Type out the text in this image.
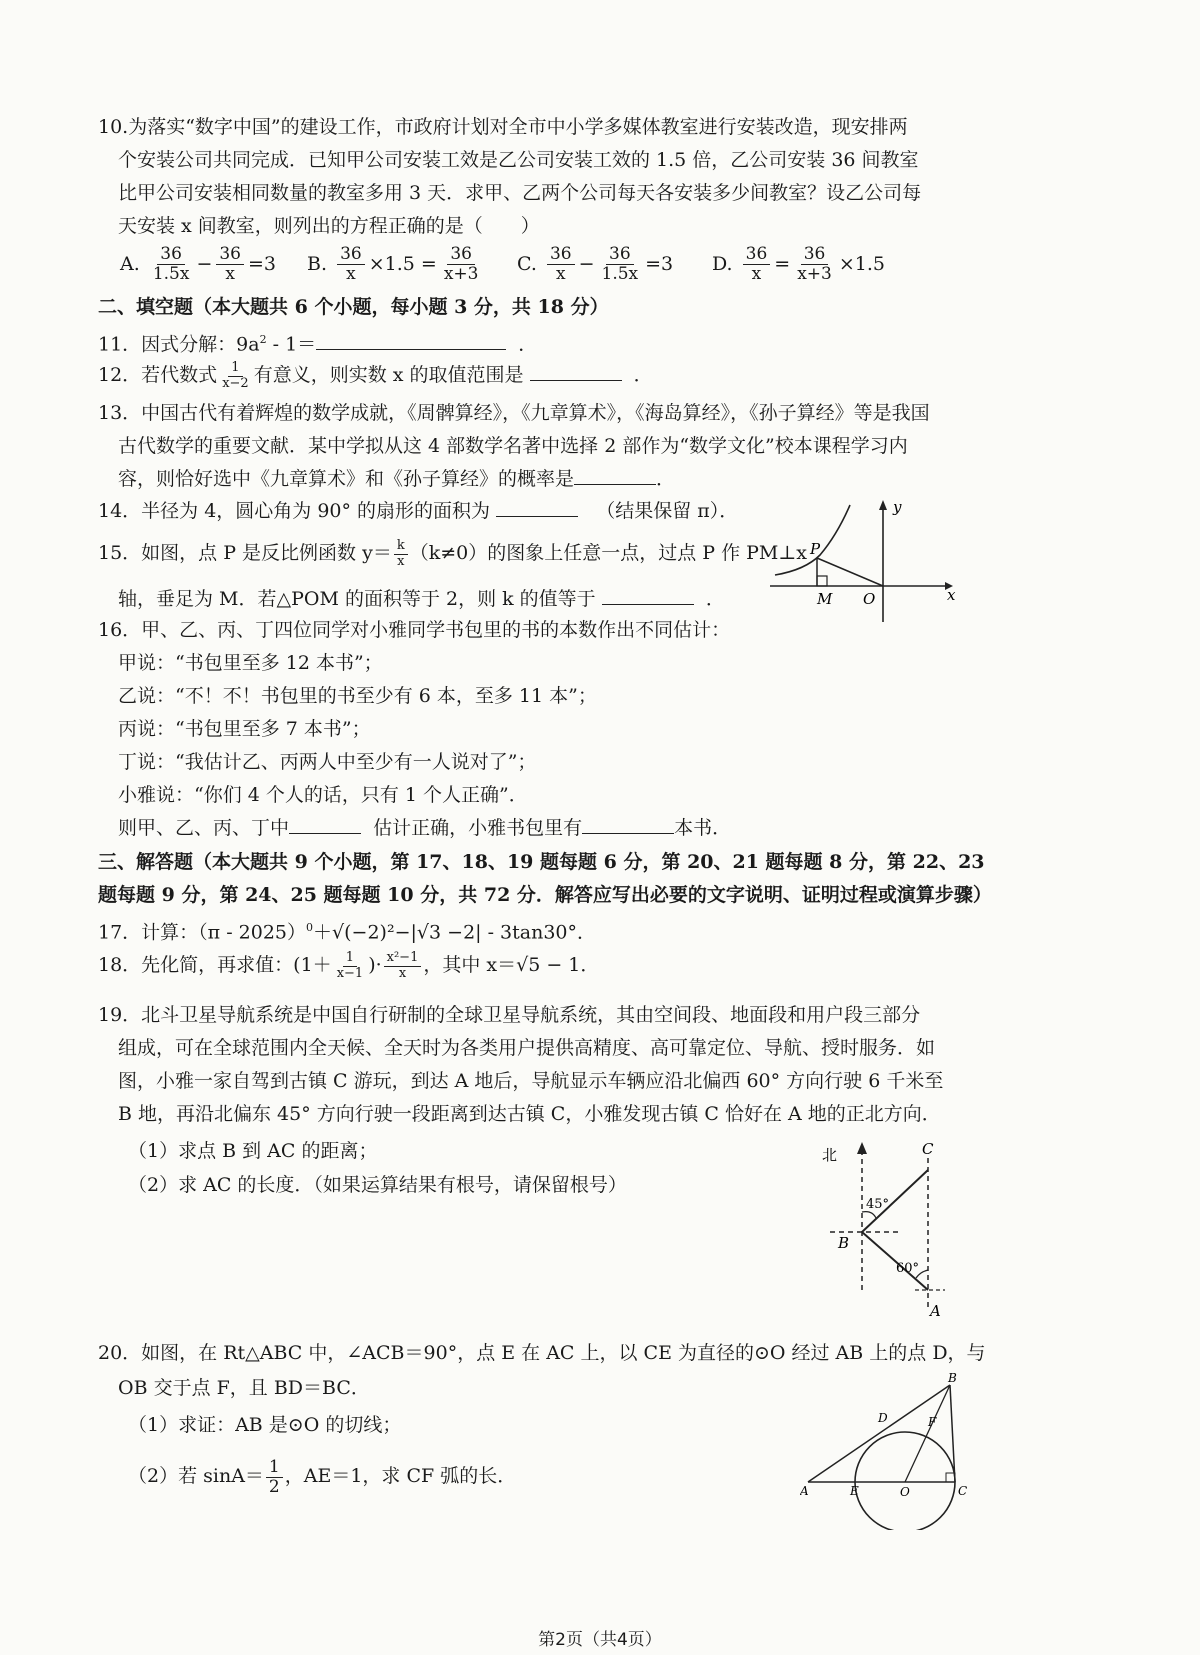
10.为落实“数字中国”的建设工作，市政府计划对全市中小学多媒体教室进行安装改造，现安排两
个安装公司共同完成．已知甲公司安装工效是乙公司安装工效的 1.5 倍，乙公司安装 36 间教室
比甲公司安装相同数量的教室多用 3 天．求甲、乙两个公司每天各安装多少间教室？设乙公司每
天安装 x 间教室，则列出的方程正确的是（　　）
A.
$\frac{36}{1.5x} - \frac{36}{x} =3$ B.
$\frac{36}{x} \times 1.5 = \frac{36}{x+3} C$.
$\frac{36}{x} - \frac{36}{1.5x} =3$ D.
$\frac{36}{x} = \frac{36}{x+3} \times 1.5$
二、填空题（本大题共 6 个小题，每小题 3 分，共 18 分）
11．因式分解：$9a^2 - 1=$	．
12．若代数式 $\frac{1}{x-2}$ 有意义，则实数 x 的取值范围是	．
13．中国古代有着辉煌的数学成就，《周髀算经》，《九章算术》，《海岛算经》，《孙子算经》等是我国
古代数学的重要文献．某中学拟从这 4 部数学名著中选择 2 部作为“数学文化”校本课程学习内
容，则恰好选中《九章算术》和《孙子算经》的概率是	．
14．半径为 4，圆心角为 90° 的扇形的面积为	（结果保留 π）．
15．如图，点 P 是反比例函数 $y= \frac{k}{x} (k\ne 0)$的图象上任意一点，过点 P 作 PM⊥x
轴，垂足为 M．若△POM 的面积等于 2，则 k 的值等于	．
y
x
P
M O
16．甲、乙、丙、丁四位同学对小雅同学书包里的书的本数作出不同估计：
甲说：“书包里至多 12 本书”；
乙说：“不！不！书包里的书至少有 6 本，至多 11 本”；
丙说：“书包里至多 7 本书”；
丁说：“我估计乙、丙两人中至少有一人说对了”；
小雅说：“你们 4 个人的话，只有 1 个人正确”．
则甲、乙、丙、丁中	估计正确，小雅书包里有	本书．
三、解答题（本大题共 9 个小题，第 17、18、19 题每题 6 分，第 20、21 题每题 8 分，第 22、23
题每题 9 分，第 24、25 题每题 10 分，共 72 分．解答应写出必要的文字说明、证明过程或演算步骤）
17．计算：（π - 2025）$^0$＋√(−2)²−|√3 −2| - 3tan30°．
18．先化简，再求值：($1+ \frac{1}{x-1}$ )· $\frac{\text{x²−1}}{x}$ ，其中 x＝√5 − 1．
19．北斗卫星导航系统是中国自行研制的全球卫星导航系统，其由空间段、地面段和用户段三部分
组成，可在全球范围内全天候、全天时为各类用户提供高精度、高可靠定位、导航、授时服务．如
图，小雅一家自驾到古镇 C 游玩，到达 A 地后，导航显示车辆应沿北偏西 60° 方向行驶 6 千米至
B 地，再沿北偏东 45° 方向行驶一段距离到达古镇 C，小雅发现古镇 C 恰好在 A 地的正北方向．
（1）求点 B 到 AC 的距离；
（2）求 AC 的长度．（如果运算结果有根号，请保留根号）
北	C
B
A
45°
60°
20．如图，在 Rt△ABC 中，∠ACB＝90°，点 E 在 AC 上，以 CE 为直径的⊙O 经过 AB 上的点 D，与
OB 交于点 F，且 BD＝BC．
（1）求证：AB 是⊙O 的切线；
（2）若 $\sin A= \frac{1}{2}$ ，AE＝1，求 CF 弧的长．
B
C
A	E	O
D	F
第2页（共4页）
